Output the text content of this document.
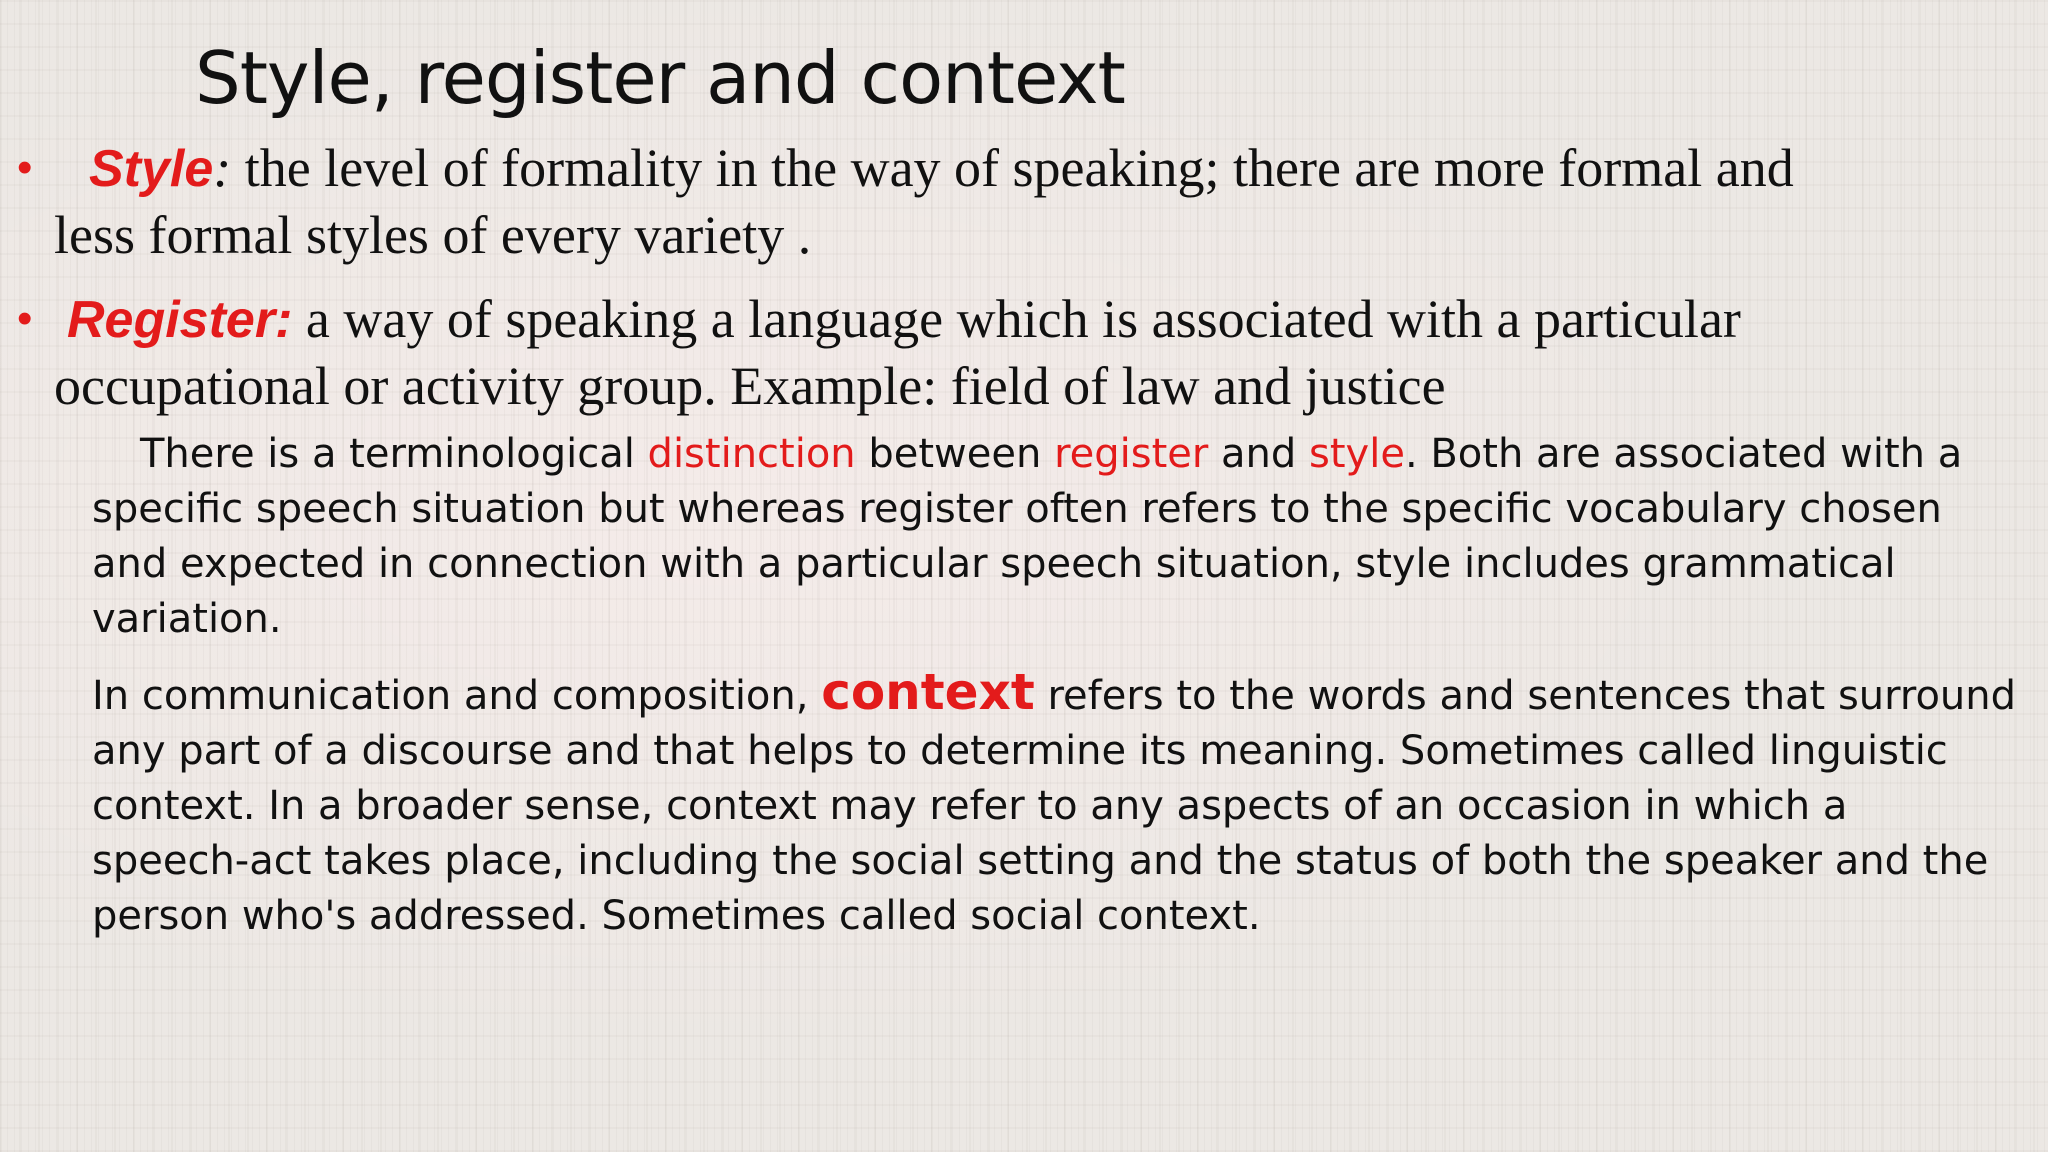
Style, register and context
•	Style: the level of formality in the way of speaking; there are more formal and
less formal styles of every variety .
• Register: a way of speaking a language which is associated with a particular
occupational or activity group. Example: field of law and justice

There is a terminological distinction between register and style. Both are associated with a specific speech situation but whereas register often refers to the specific vocabulary chosen and expected in connection with a particular speech situation, style includes grammatical variation.

In communication and composition, context refers to the words and sentences that surround any part of a discourse and that helps to determine its meaning. Sometimes called linguistic context. In a broader sense, context may refer to any aspects of an occasion in which a speech-act takes place, including the social setting and the status of both the speaker and the person who's addressed. Sometimes called social context.
